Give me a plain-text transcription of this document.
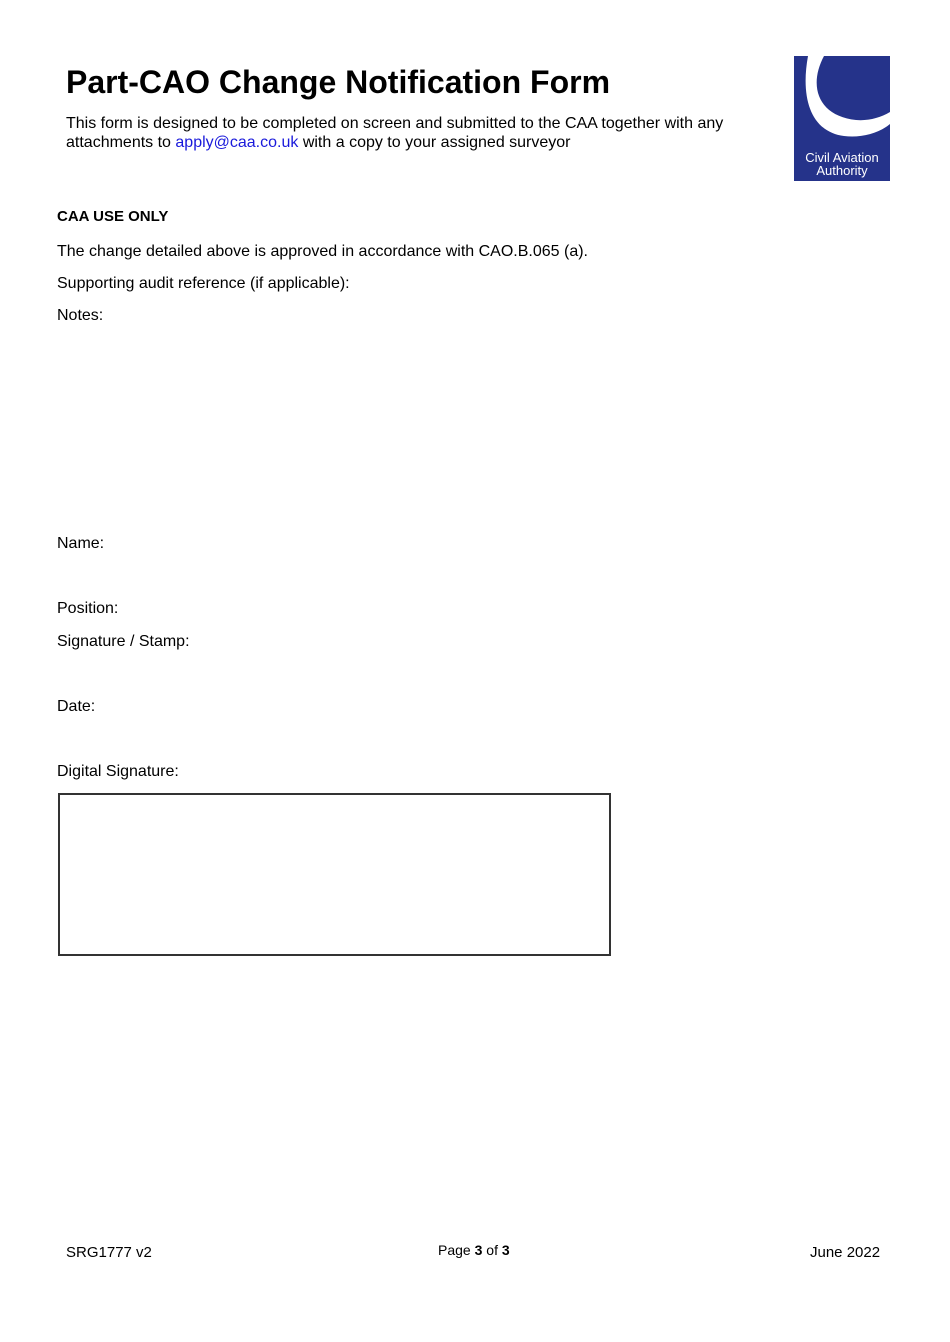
Part-CAO Change Notification Form

This form is designed to be completed on screen and submitted to the CAA together with any attachments to apply@caa.co.uk with a copy to your assigned surveyor

Civil Aviation
Authority

CAA USE ONLY

The change detailed above is approved in accordance with CAO.B.065 (a).

Supporting audit reference (if applicable):

Notes:

Name:

Position:

Signature / Stamp:

Date:

Digital Signature:

SRG1777 v2	Page 3 of 3	June 2022
